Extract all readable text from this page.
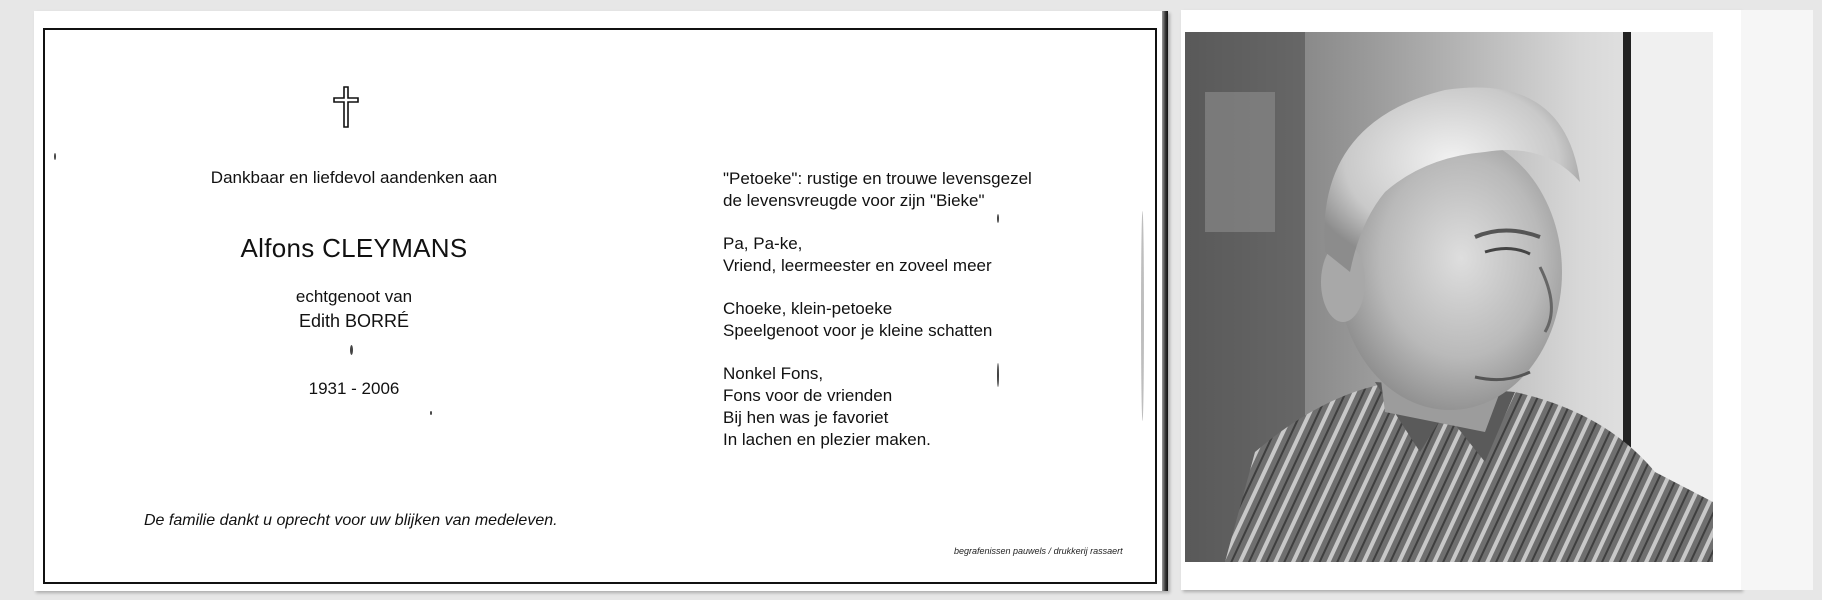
Dankbaar en liefdevol aandenken aan
Alfons CLEYMANS
echtgenoot van
Edith BORRÉ
1931 - 2006
"Petoeke": rustige en trouwe levensgezel
de levensvreugde voor zijn "Bieke"
Pa, Pa-ke,
Vriend, leermeester en zoveel meer
Choeke, klein-petoeke
Speelgenoot voor je kleine schatten
Nonkel Fons,
Fons voor de vrienden
Bij hen was je favoriet
In lachen en plezier maken.
De familie dankt u oprecht voor uw blijken van medeleven.
begrafenissen pauwels / drukkerij rassaert
